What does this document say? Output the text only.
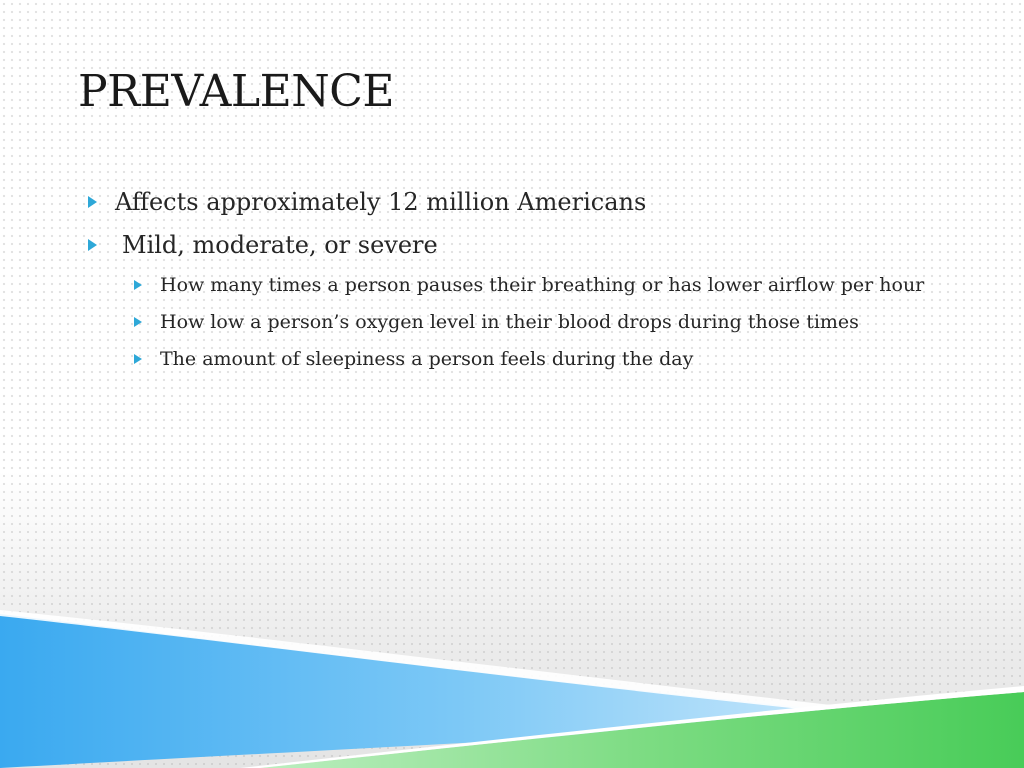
PREVALENCE
Affects approximately 12 million Americans
Mild, moderate, or severe
How many times a person pauses their breathing or has lower airflow per hour
How low a person’s oxygen level in their blood drops during those times
The amount of sleepiness a person feels during the day
